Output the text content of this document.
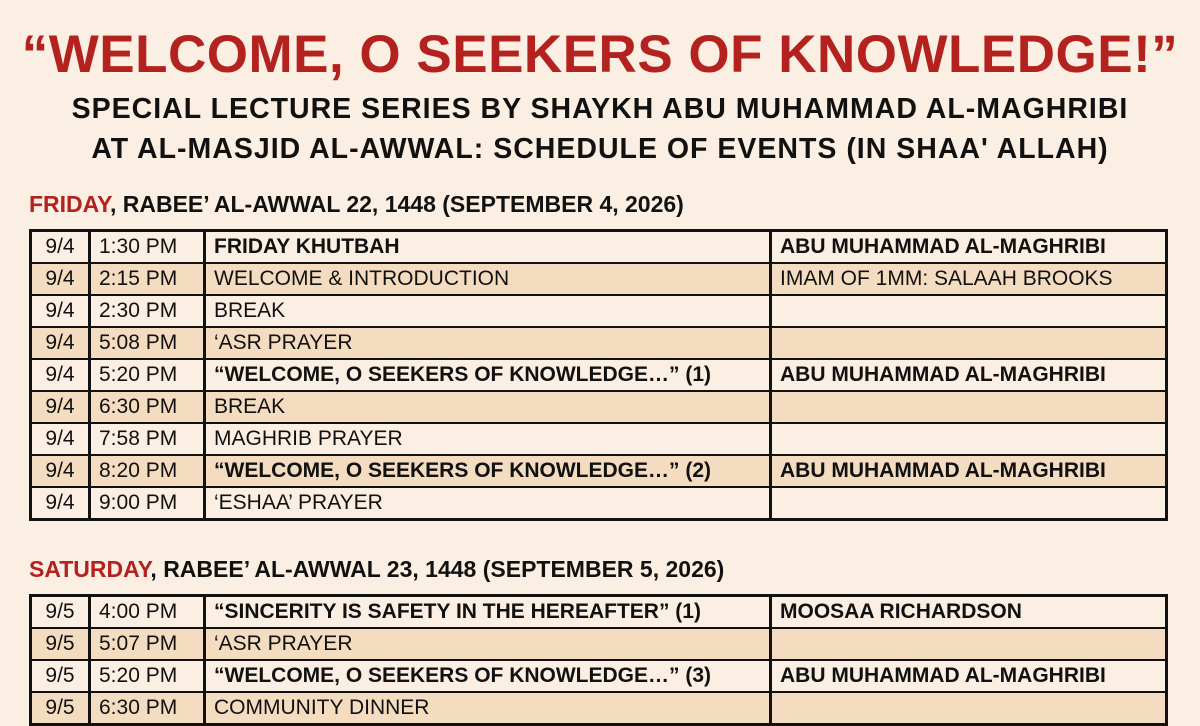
“WELCOME, O SEEKERS OF KNOWLEDGE!”
SPECIAL LECTURE SERIES BY SHAYKH ABU MUHAMMAD AL-MAGHRIBI
AT AL-MASJID AL-AWWAL: SCHEDULE OF EVENTS (IN SHAA' ALLAH)
FRIDAY, RABEE’ AL-AWWAL 22, 1448 (SEPTEMBER 4, 2026)
9/4	1:30 PM	FRIDAY KHUTBAH	ABU MUHAMMAD AL-MAGHRIBI
9/4	2:15 PM	WELCOME & INTRODUCTION	IMAM OF 1MM: SALAAH BROOKS
9/4	2:30 PM	BREAK	
9/4	5:08 PM	‘ASR PRAYER	
9/4	5:20 PM	“WELCOME, O SEEKERS OF KNOWLEDGE…” (1)	ABU MUHAMMAD AL-MAGHRIBI
9/4	6:30 PM	BREAK	
9/4	7:58 PM	MAGHRIB PRAYER	
9/4	8:20 PM	“WELCOME, O SEEKERS OF KNOWLEDGE…” (2)	ABU MUHAMMAD AL-MAGHRIBI
9/4	9:00 PM	‘ESHAA’ PRAYER	
SATURDAY, RABEE’ AL-AWWAL 23, 1448 (SEPTEMBER 5, 2026)
9/5	4:00 PM	“SINCERITY IS SAFETY IN THE HEREAFTER” (1)	MOOSAA RICHARDSON
9/5	5:07 PM	‘ASR PRAYER	
9/5	5:20 PM	“WELCOME, O SEEKERS OF KNOWLEDGE…” (3)	ABU MUHAMMAD AL-MAGHRIBI
9/5	6:30 PM	COMMUNITY DINNER	
